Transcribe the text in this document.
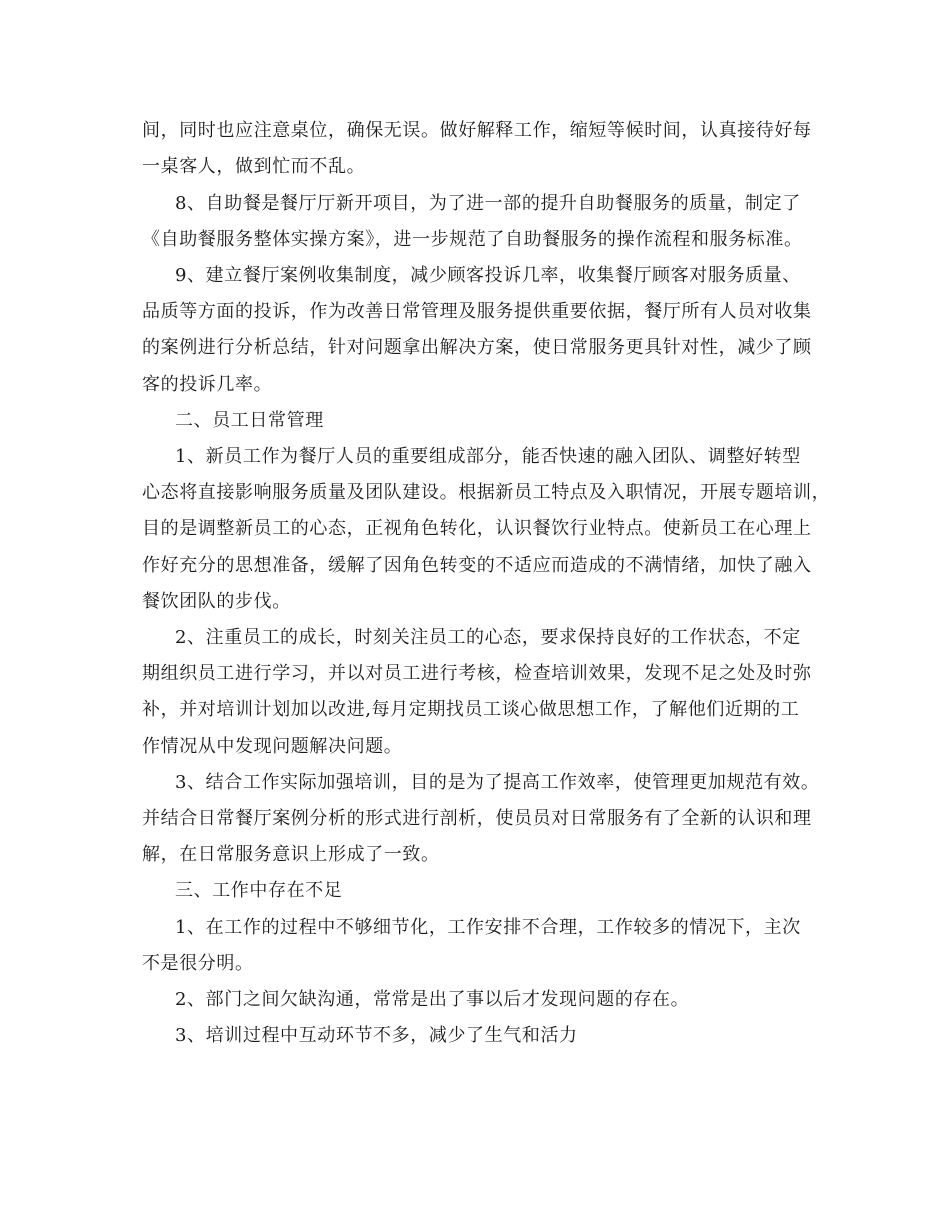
间，同时也应注意桌位，确保无误。做好解释工作，缩短等候时间，认真接待好每
一桌客人，做到忙而不乱。
8、自助餐是餐厅厅新开项目，为了进一部的提升自助餐服务的质量，制定了
《自助餐服务整体实操方案》，进一步规范了自助餐服务的操作流程和服务标准。
9、建立餐厅案例收集制度，减少顾客投诉几率，收集餐厅顾客对服务质量、
品质等方面的投诉，作为改善日常管理及服务提供重要依据，餐厅所有人员对收集
的案例进行分析总结，针对问题拿出解决方案，使日常服务更具针对性，减少了顾
客的投诉几率。
二、员工日常管理
1、新员工作为餐厅人员的重要组成部分，能否快速的融入团队、调整好转型
心态将直接影响服务质量及团队建设。根据新员工特点及入职情况，开展专题培训，
目的是调整新员工的心态，正视角色转化，认识餐饮行业特点。使新员工在心理上
作好充分的思想准备，缓解了因角色转变的不适应而造成的不满情绪，加快了融入
餐饮团队的步伐。
2、注重员工的成长，时刻关注员工的心态，要求保持良好的工作状态，不定
期组织员工进行学习，并以对员工进行考核，检查培训效果，发现不足之处及时弥
补，并对培训计划加以改进,每月定期找员工谈心做思想工作，了解他们近期的工
作情况从中发现问题解决问题。
3、结合工作实际加强培训，目的是为了提高工作效率，使管理更加规范有效。
并结合日常餐厅案例分析的形式进行剖析，使员员对日常服务有了全新的认识和理
解，在日常服务意识上形成了一致。
三、工作中存在不足
1、在工作的过程中不够细节化，工作安排不合理，工作较多的情况下，主次
不是很分明。
2、部门之间欠缺沟通，常常是出了事以后才发现问题的存在。
3、培训过程中互动环节不多，减少了生气和活力
